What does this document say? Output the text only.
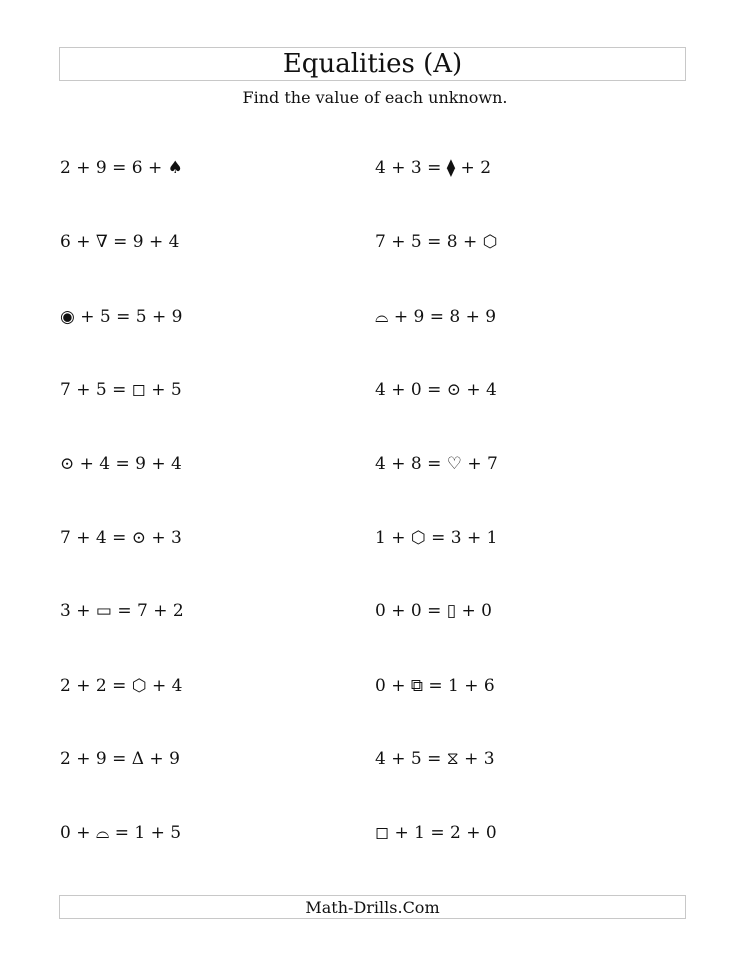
Equalities (A)
Find the value of each unknown.
2 + 9 = 6 + ♠
6 + ∇ = 9 + 4
◉ + 5 = 5 + 9
7 + 5 = ◻ + 5
⊙ + 4 = 9 + 4
7 + 4 = ⊙ + 3
3 + ▭ = 7 + 2
2 + 2 = ⬡ + 4
2 + 9 = Δ + 9
0 + ⌓ = 1 + 5
4 + 3 = ⧫ + 2
7 + 5 = 8 + ⬡
⌓ + 9 = 8 + 9
4 + 0 = ⊙ + 4
4 + 8 = ♡ + 7
1 + ⬡ = 3 + 1
0 + 0 = ▯ + 0
0 + ⧉ = 1 + 6
4 + 5 = ⧖ + 3
◻ + 1 = 2 + 0
Math-Drills.Com
